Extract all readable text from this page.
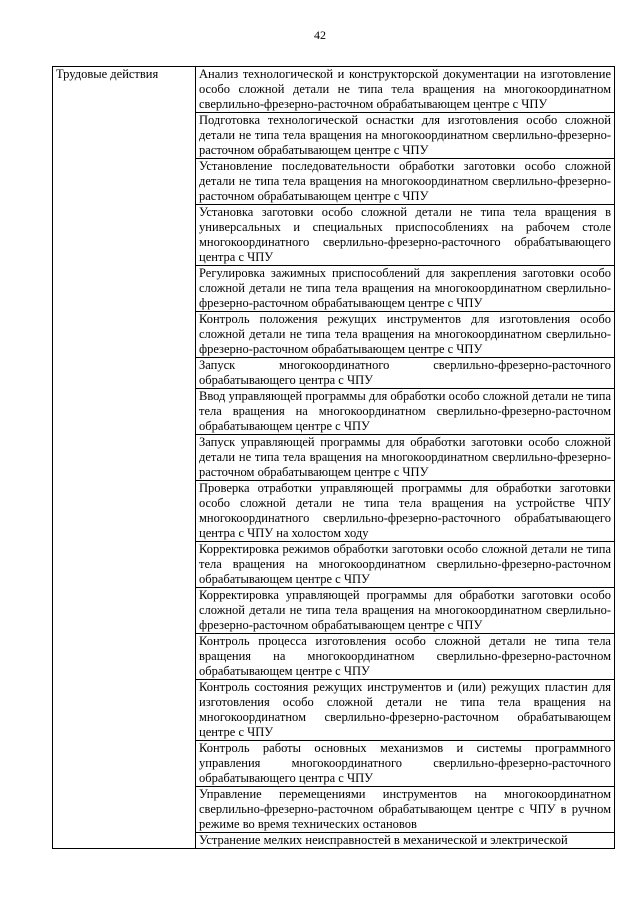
42
Трудовые действия	Анализ технологической и конструкторской документации на изготовление особо сложной детали не типа тела вращения на многокоординатном сверлильно-фрезерно-расточном обрабатывающем центре с ЧПУ
Подготовка технологической оснастки для изготовления особо сложной детали не типа тела вращения на многокоординатном сверлильно-фрезерно-расточном обрабатывающем центре с ЧПУ
Установление последовательности обработки заготовки особо сложной детали не типа тела вращения на многокоординатном сверлильно-фрезерно-расточном обрабатывающем центре с ЧПУ
Установка заготовки особо сложной детали не типа тела вращения в универсальных и специальных приспособлениях на рабочем столе многокоординатного сверлильно-фрезерно-расточного обрабатывающего центра с ЧПУ
Регулировка зажимных приспособлений для закрепления заготовки особо сложной детали не типа тела вращения на многокоординатном сверлильно-фрезерно-расточном обрабатывающем центре с ЧПУ
Контроль положения режущих инструментов для изготовления особо сложной детали не типа тела вращения на многокоординатном сверлильно-фрезерно-расточном обрабатывающем центре с ЧПУ
Запуск многокоординатного сверлильно-фрезерно-расточного обрабатывающего центра с ЧПУ
Ввод управляющей программы для обработки особо сложной детали не типа тела вращения на многокоординатном сверлильно-фрезерно-расточном обрабатывающем центре с ЧПУ
Запуск управляющей программы для обработки заготовки особо сложной детали не типа тела вращения на многокоординатном сверлильно-фрезерно-расточном обрабатывающем центре с ЧПУ
Проверка отработки управляющей программы для обработки заготовки особо сложной детали не типа тела вращения на устройстве ЧПУ многокоординатного сверлильно-фрезерно-расточного обрабатывающего центра с ЧПУ на холостом ходу
Корректировка режимов обработки заготовки особо сложной детали не типа тела вращения на многокоординатном сверлильно-фрезерно-расточном обрабатывающем центре с ЧПУ
Корректировка управляющей программы для обработки заготовки особо сложной детали не типа тела вращения на многокоординатном сверлильно-фрезерно-расточном обрабатывающем центре с ЧПУ
Контроль процесса изготовления особо сложной детали не типа тела вращения на многокоординатном сверлильно-фрезерно-расточном обрабатывающем центре с ЧПУ
Контроль состояния режущих инструментов и (или) режущих пластин для изготовления особо сложной детали не типа тела вращения на многокоординатном сверлильно-фрезерно-расточном обрабатывающем центре с ЧПУ
Контроль работы основных механизмов и системы программного управления многокоординатного сверлильно-фрезерно-расточного обрабатывающего центра с ЧПУ
Управление перемещениями инструментов на многокоординатном сверлильно-фрезерно-расточном обрабатывающем центре с ЧПУ в ручном режиме во время технических остановов
Устранение мелких неисправностей в механической и электрической
